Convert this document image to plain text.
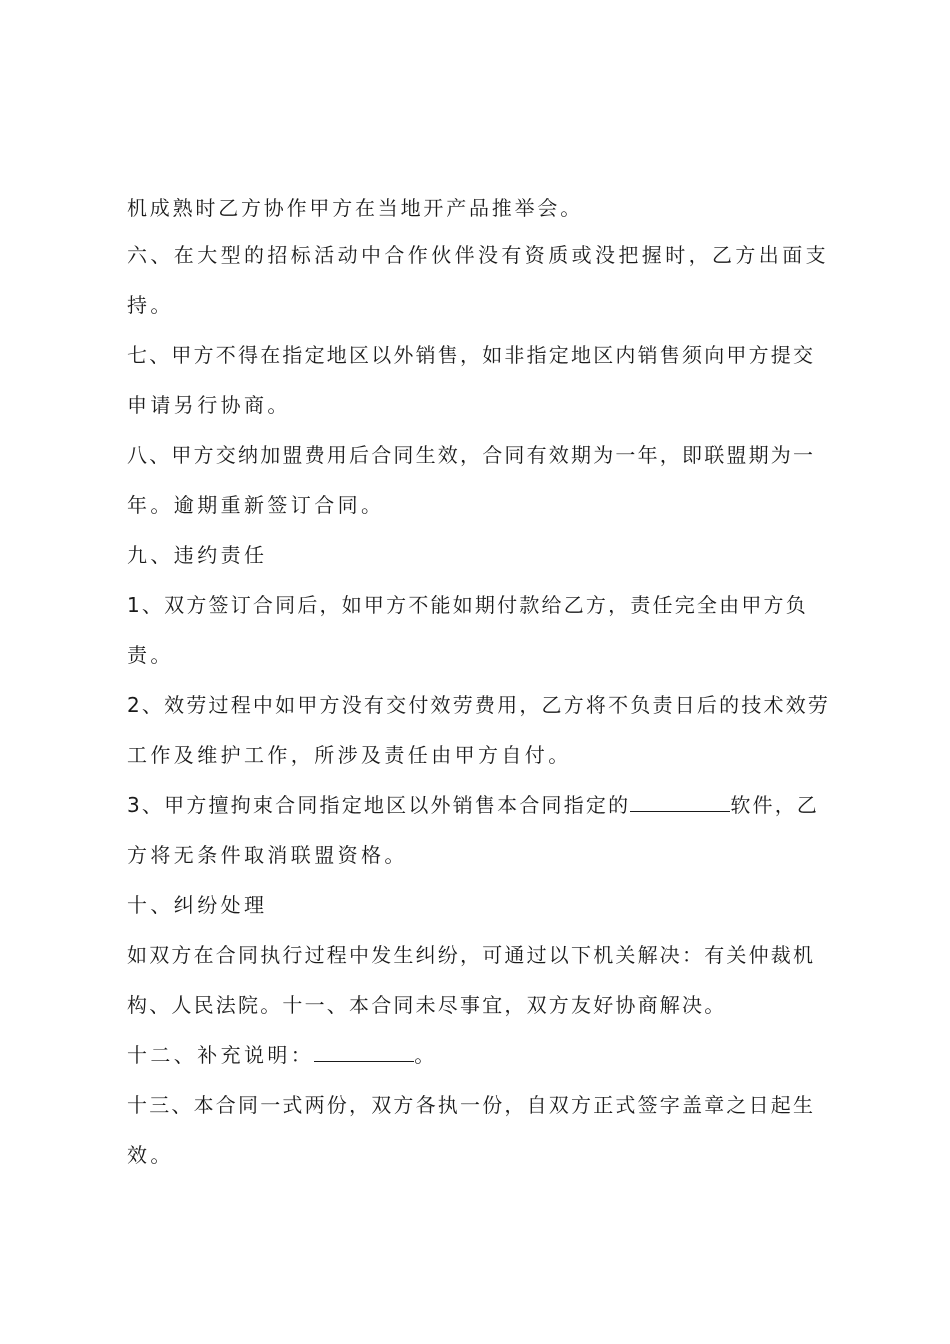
机成熟时乙方协作甲方在当地开产品推举会。
六、在大型的招标活动中合作伙伴没有资质或没把握时，乙方出面支
持。
七、甲方不得在指定地区以外销售，如非指定地区内销售须向甲方提交
申请另行协商。
八、甲方交纳加盟费用后合同生效，合同有效期为一年，即联盟期为一
年。逾期重新签订合同。
九、违约责任
1、双方签订合同后，如甲方不能如期付款给乙方，责任完全由甲方负
责。
2、效劳过程中如甲方没有交付效劳费用，乙方将不负责日后的技术效劳
工作及维护工作，所涉及责任由甲方自付。
3、甲方擅拘束合同指定地区以外销售本合同指定的	软件，乙
方将无条件取消联盟资格。
十、纠纷处理
如双方在合同执行过程中发生纠纷，可通过以下机关解决：有关仲裁机
构、人民法院。十一、本合同未尽事宜，双方友好协商解决。
十二、补充说明：	。
十三、本合同一式两份，双方各执一份，自双方正式签字盖章之日起生
效。
